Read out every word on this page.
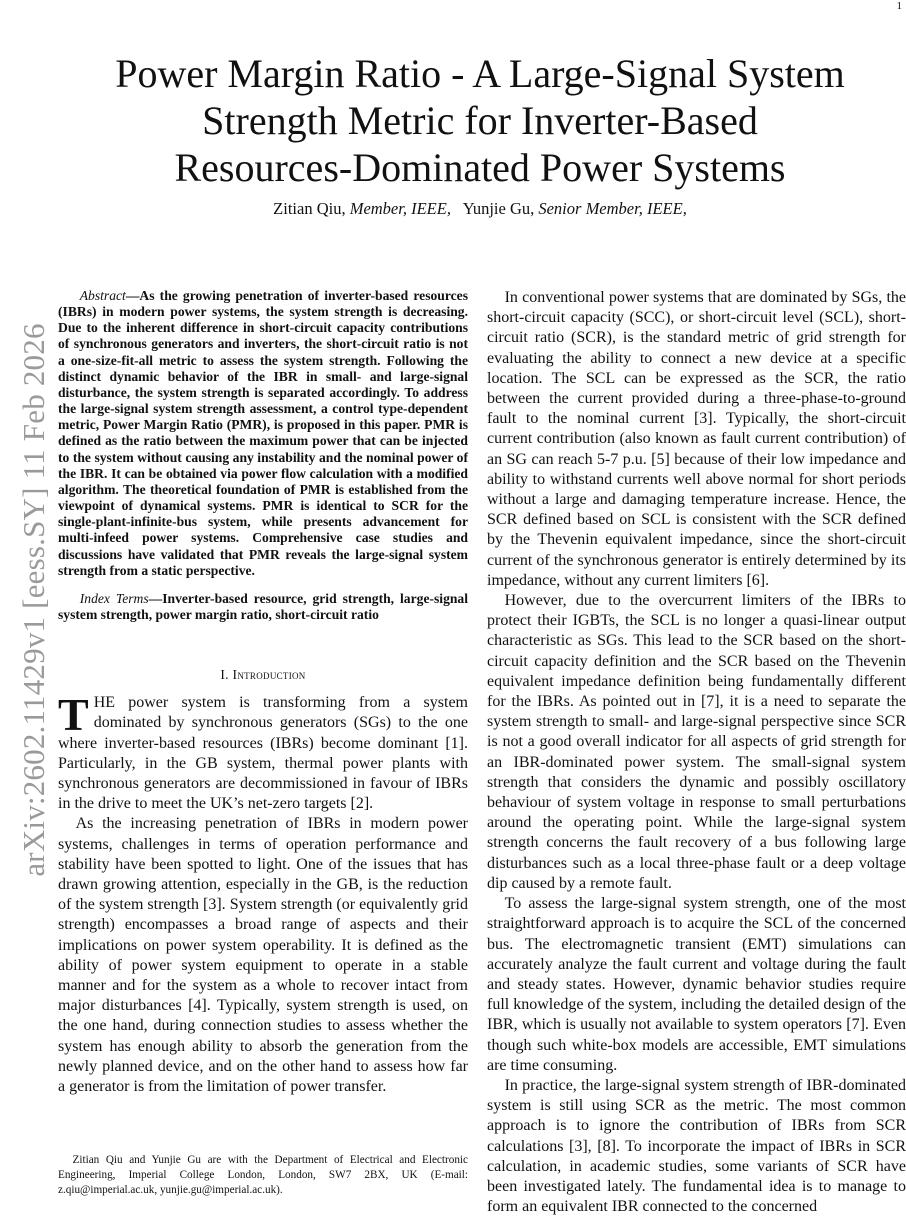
1
arXiv:2602.11429v1 [eess.SY] 11 Feb 2026
Power Margin Ratio - A Large-Signal System
Strength Metric for Inverter-Based
Resources-Dominated Power Systems
Zitian Qiu, Member, IEEE, Yunjie Gu, Senior Member, IEEE,

Abstract—As the growing penetration of inverter-based resources (IBRs) in modern power systems, the system strength is decreasing. Due to the inherent difference in short-circuit capacity contributions of synchronous generators and inverters, the short-circuit ratio is not a one-size-fit-all metric to assess the system strength. Following the distinct dynamic behavior of the IBR in small- and large-signal disturbance, the system strength is separated accordingly. To address the large-signal system strength assessment, a control type-dependent metric, Power Margin Ratio (PMR), is proposed in this paper. PMR is defined as the ratio between the maximum power that can be injected to the system without causing any instability and the nominal power of the IBR. It can be obtained via power flow calculation with a modified algorithm. The theoretical foundation of PMR is established from the viewpoint of dynamical systems. PMR is identical to SCR for the single-plant-infinite-bus system, while presents advancement for multi-infeed power systems. Comprehensive case studies and discussions have validated that PMR reveals the large-signal system strength from a static perspective.

Index Terms—Inverter-based resource, grid strength, large-signal system strength, power margin ratio, short-circuit ratio

I. Introduction

THE power system is transforming from a system dominated by synchronous generators (SGs) to the one where inverter-based resources (IBRs) become dominant [1]. Particularly, in the GB system, thermal power plants with synchronous generators are decommissioned in favour of IBRs in the drive to meet the UK’s net-zero targets [2].

As the increasing penetration of IBRs in modern power systems, challenges in terms of operation performance and stability have been spotted to light. One of the issues that has drawn growing attention, especially in the GB, is the reduction of the system strength [3]. System strength (or equivalently grid strength) encompasses a broad range of aspects and their implications on power system operability. It is defined as the ability of power system equipment to operate in a stable manner and for the system as a whole to recover intact from major disturbances [4]. Typically, system strength is used, on the one hand, during connection studies to assess whether the system has enough ability to absorb the generation from the newly planned device, and on the other hand to assess how far a generator is from the limitation of power transfer.

In conventional power systems that are dominated by SGs, the short-circuit capacity (SCC), or short-circuit level (SCL), short-circuit ratio (SCR), is the standard metric of grid strength for evaluating the ability to connect a new device at a specific location. The SCL can be expressed as the SCR, the ratio between the current provided during a three-phase-to-ground fault to the nominal current [3]. Typically, the short-circuit current contribution (also known as fault current contribution) of an SG can reach 5-7 p.u. [5] because of their low impedance and ability to withstand currents well above normal for short periods without a large and damaging temperature increase. Hence, the SCR defined based on SCL is consistent with the SCR defined by the Thevenin equivalent impedance, since the short-circuit current of the synchronous generator is entirely determined by its impedance, without any current limiters [6].

However, due to the overcurrent limiters of the IBRs to protect their IGBTs, the SCL is no longer a quasi-linear output characteristic as SGs. This lead to the SCR based on the short-circuit capacity definition and the SCR based on the Thevenin equivalent impedance definition being fundamentally different for the IBRs. As pointed out in [7], it is a need to separate the system strength to small- and large-signal perspective since SCR is not a good overall indicator for all aspects of grid strength for an IBR-dominated power system. The small-signal system strength that considers the dynamic and possibly oscillatory behaviour of system voltage in response to small perturbations around the operating point. While the large-signal system strength concerns the fault recovery of a bus following large disturbances such as a local three-phase fault or a deep voltage dip caused by a remote fault.

To assess the large-signal system strength, one of the most straightforward approach is to acquire the SCL of the concerned bus. The electromagnetic transient (EMT) simulations can accurately analyze the fault current and voltage during the fault and steady states. However, dynamic behavior studies require full knowledge of the system, including the detailed design of the IBR, which is usually not available to system operators [7]. Even though such white-box models are accessible, EMT simulations are time consuming.

In practice, the large-signal system strength of IBR-dominated system is still using SCR as the metric. The most common approach is to ignore the contribution of IBRs from SCR calculations [3], [8]. To incorporate the impact of IBRs in SCR calculation, in academic studies, some variants of SCR have been investigated lately. The fundamental idea is to manage to form an equivalent IBR connected to the concerned

Zitian Qiu and Yunjie Gu are with the Department of Electrical and Electronic Engineering, Imperial College London, London, SW7 2BX, UK (E-mail: z.qiu@imperial.ac.uk, yunjie.gu@imperial.ac.uk).
